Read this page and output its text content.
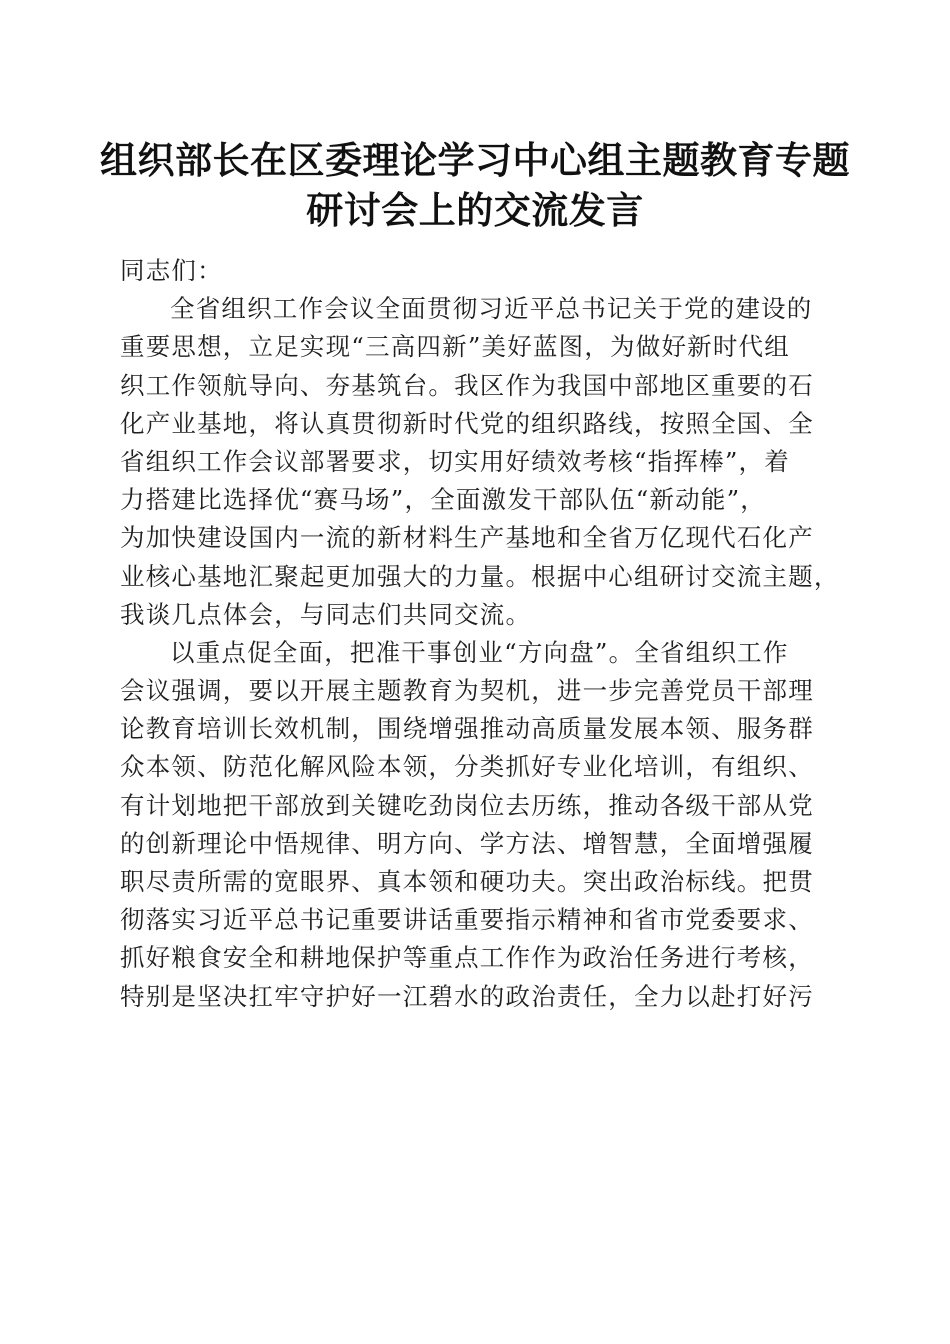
组织部长在区委理论学习中心组主题教育专题
研讨会上的交流发言
同志们：
全省组织工作会议全面贯彻习近平总书记关于党的建设的
重要思想，立足实现“三高四新”美好蓝图，为做好新时代组
织工作领航导向、夯基筑台。我区作为我国中部地区重要的石
化产业基地，将认真贯彻新时代党的组织路线，按照全国、全
省组织工作会议部署要求，切实用好绩效考核“指挥棒”，着
力搭建比选择优“赛马场”，全面激发干部队伍“新动能”，
为加快建设国内一流的新材料生产基地和全省万亿现代石化产
业核心基地汇聚起更加强大的力量。根据中心组研讨交流主题，
我谈几点体会，与同志们共同交流。
以重点促全面，把准干事创业“方向盘”。全省组织工作
会议强调，要以开展主题教育为契机，进一步完善党员干部理
论教育培训长效机制，围绕增强推动高质量发展本领、服务群
众本领、防范化解风险本领，分类抓好专业化培训，有组织、
有计划地把干部放到关键吃劲岗位去历练，推动各级干部从党
的创新理论中悟规律、明方向、学方法、增智慧，全面增强履
职尽责所需的宽眼界、真本领和硬功夫。突出政治标线。把贯
彻落实习近平总书记重要讲话重要指示精神和省市党委要求、
抓好粮食安全和耕地保护等重点工作作为政治任务进行考核，
特别是坚决扛牢守护好一江碧水的政治责任，全力以赴打好污
